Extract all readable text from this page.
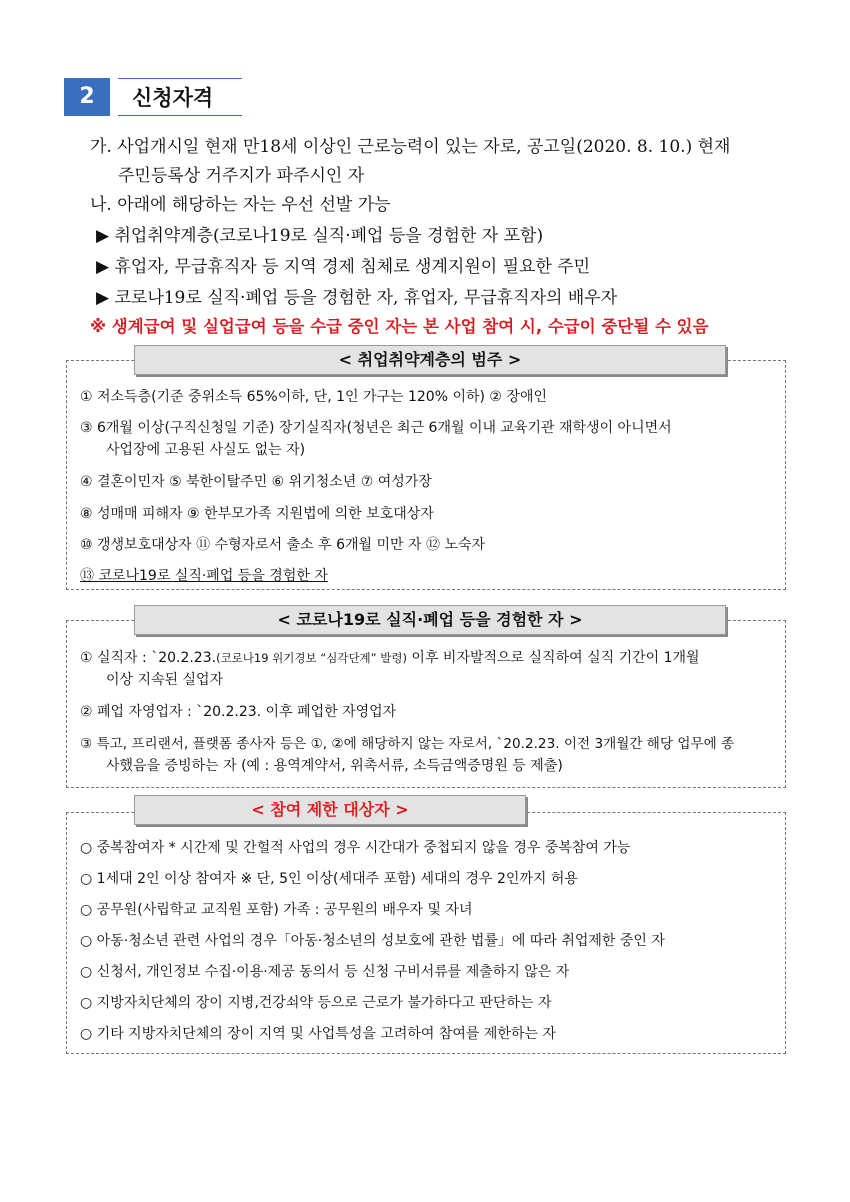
2	신청자격
가. 사업개시일 현재 만18세 이상인 근로능력이 있는 자로, 공고일(2020. 8. 10.) 현재
주민등록상 거주지가 파주시인 자
나. 아래에 해당하는 자는 우선 선발 가능
▶ 취업취약계층(코로나19로 실직·폐업 등을 경험한 자 포함)
▶ 휴업자, 무급휴직자 등 지역 경제 침체로 생계지원이 필요한 주민
▶ 코로나19로 실직·폐업 등을 경험한 자, 휴업자, 무급휴직자의 배우자
※ 생계급여 및 실업급여 등을 수급 중인 자는 본 사업 참여 시, 수급이 중단될 수 있음
< 취업취약계층의 범주 >
① 저소득층(기준 중위소득 65%이하, 단, 1인 가구는 120% 이하) ② 장애인
③ 6개월 이상(구직신청일 기준) 장기실직자(청년은 최근 6개월 이내 교육기관 재학생이 아니면서
사업장에 고용된 사실도 없는 자)
④ 결혼이민자 ⑤ 북한이탈주민 ⑥ 위기청소년 ⑦ 여성가장
⑧ 성매매 피해자 ⑨ 한부모가족 지원법에 의한 보호대상자
⑩ 갱생보호대상자 ⑪ 수형자로서 출소 후 6개월 미만 자 ⑫ 노숙자
⑬ 코로나19로 실직·폐업 등을 경험한 자
< 코로나19로 실직·폐업 등을 경험한 자 >
① 실직자 : `20.2.23.(코로나19 위기경보 “심각단계” 발령) 이후 비자발적으로 실직하여 실직 기간이 1개월
이상 지속된 실업자
② 폐업 자영업자 : `20.2.23. 이후 폐업한 자영업자
③ 특고, 프리랜서, 플랫폼 종사자 등은 ①, ②에 해당하지 않는 자로서, `20.2.23. 이전 3개월간 해당 업무에 종
사했음을 증빙하는 자 (예 : 용역계약서, 위촉서류, 소득금액증명원 등 제출)
< 참여 제한 대상자 >
○ 중복참여자 * 시간제 및 간헐적 사업의 경우 시간대가 중첩되지 않을 경우 중복참여 가능
○ 1세대 2인 이상 참여자 ※ 단, 5인 이상(세대주 포함) 세대의 경우 2인까지 허용
○ 공무원(사립학교 교직원 포함) 가족 : 공무원의 배우자 및 자녀
○ 아동·청소년 관련 사업의 경우「아동·청소년의 성보호에 관한 법률」에 따라 취업제한 중인 자
○ 신청서, 개인정보 수집·이용·제공 동의서 등 신청 구비서류를 제출하지 않은 자
○ 지방자치단체의 장이 지병,건강쇠약 등으로 근로가 불가하다고 판단하는 자
○ 기타 지방자치단체의 장이 지역 및 사업특성을 고려하여 참여를 제한하는 자
